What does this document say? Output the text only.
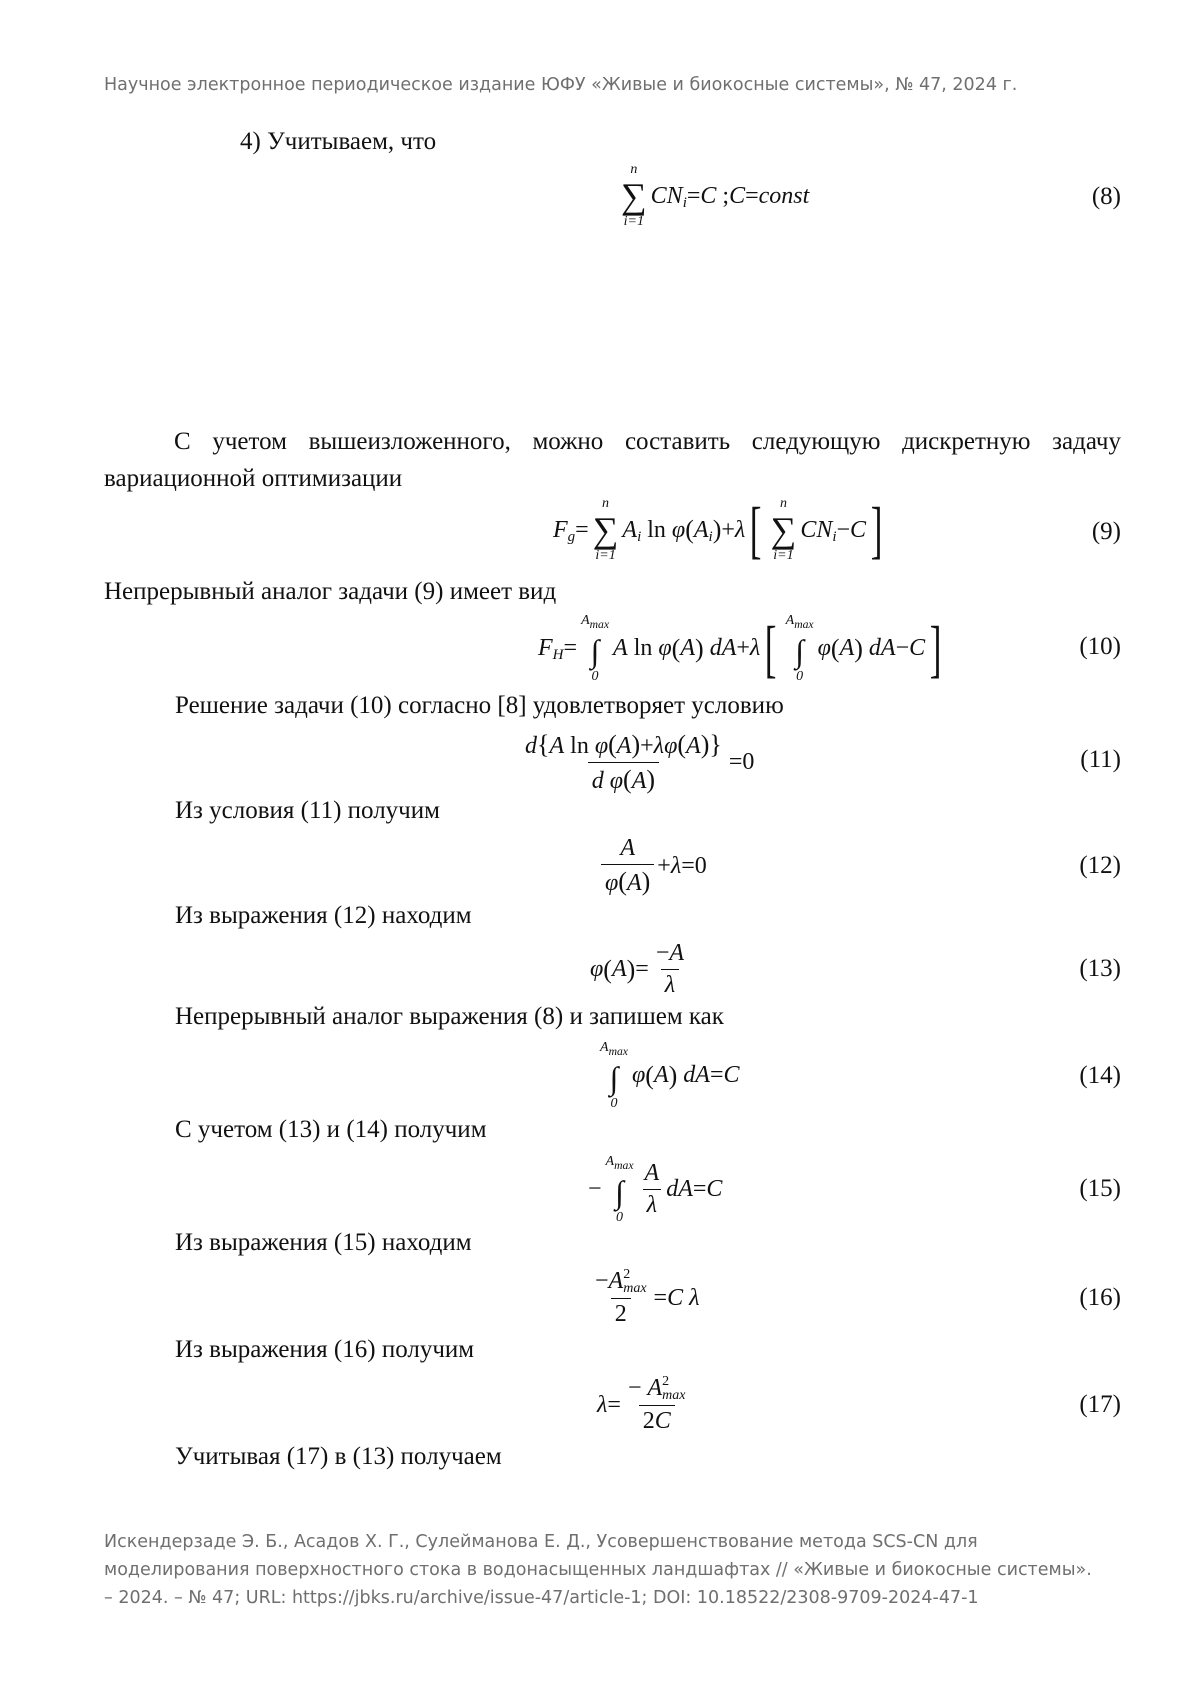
Научное электронное периодическое издание ЮФУ «Живые и биокосные системы», № 47, 2024 г.
4) Учитываем, что
n
∑
i=1
CN i = C ; C = const	(8)
С учетом вышеизложенного, можно составить следующую дискретную задачу вариационной оптимизации
F g =
n
∑
i=1
A i ln φ ( A i ) + λ [ n
∑
i=1
CN i − C ]	(9)
Непрерывный аналог задачи (9) имеет вид
F H =
$A_{max}$
∫
0
A ln φ ( A ) dA + λ [ $A_{max}$
∫
0
φ ( A ) dA − C ]	(10)
Решение задачи (10) согласно [8] удовлетворяет условию
$\frac{\text{d\{A ln φ(A)+λφ(A)\}}}{\text{d φ(A)}} =0$	(11)
Из условия (11) получим
$\frac{A}{\varphi(A)} + \lambda =0$	(12)
Из выражения (12) находим
φ ( A ) = $\frac{-A}{\lambda}$	(13)
Непрерывный аналог выражения (8) и запишем как
$A_{max}$
∫
0
φ ( A ) dA = C	(14)
С учетом (13) и (14) получим
−
$A_{max}$
∫
$0 \frac{A}{\lambda}$ dA = C	(15)
Из выражения (15) находим
−A 2
max
2 = C λ	(16)
Из выражения (16) получим
λ = − A 2
max
2C	(17)
Учитывая (17) в (13) получаем
Искендерзаде Э. Б., Асадов Х. Г., Сулейманова Е. Д., Усовершенствование метода SCS-CN для
моделирования поверхностного стока в водонасыщенных ландшафтах // «Живые и биокосные системы».
– 2024. – № 47; URL: https://jbks.ru/archive/issue-47/article-1; DOI: 10.18522/2308-9709-2024-47-1
